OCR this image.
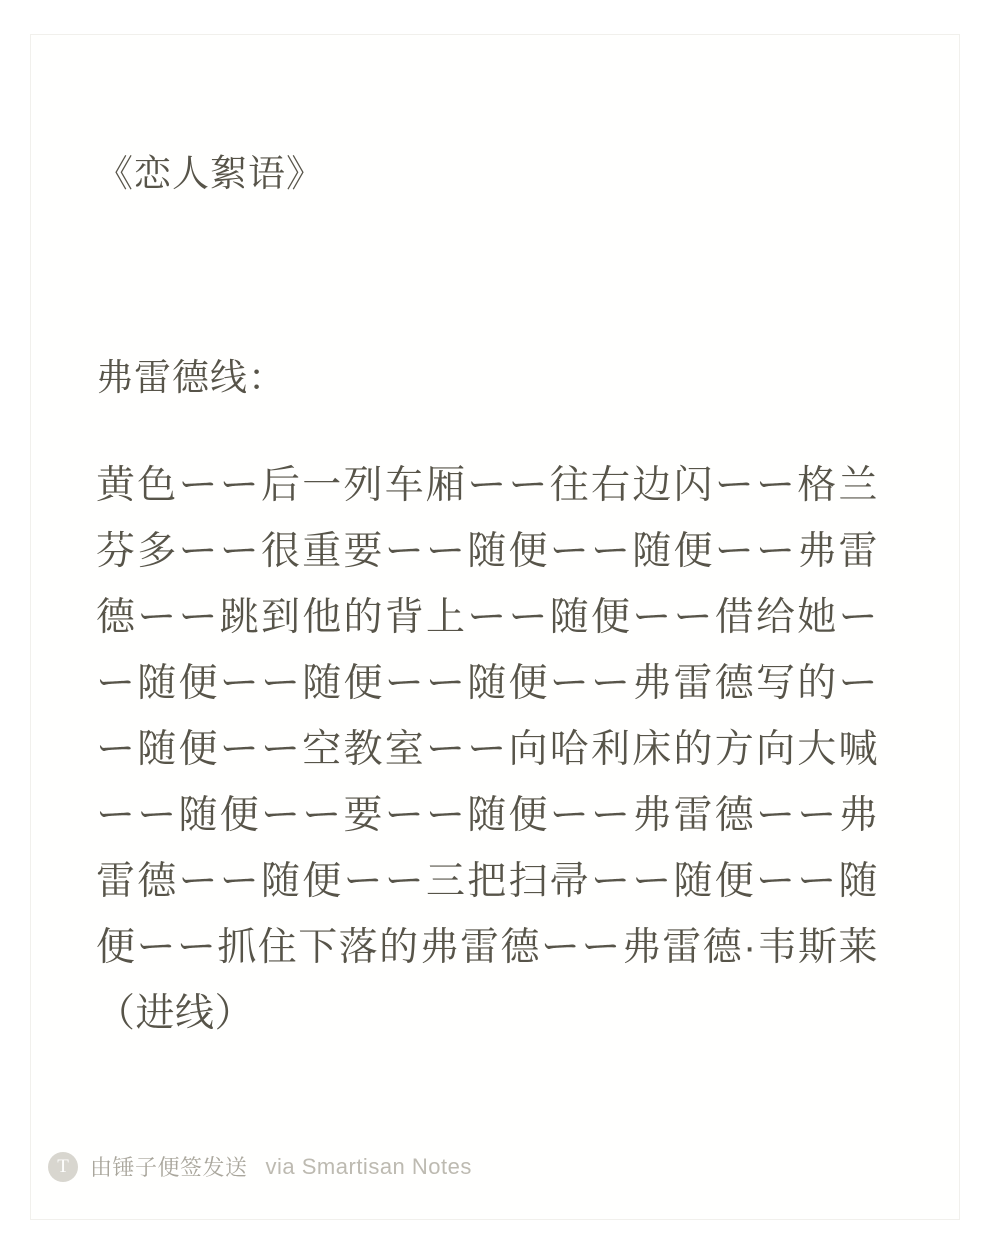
《恋人絮语》
弗雷德线：

黄色ーー后一列车厢ーー往右边闪ーー格兰芬多ーー很重要ーー随便ーー随便ーー弗雷德ーー跳到他的背上ーー随便ーー借给她ーー随便ーー随便ーー随便ーー弗雷德写的ーー随便ーー空教室ーー向哈利床的方向大喊ーー随便ーー要ーー随便ーー弗雷德ーー弗雷德ーー随便ーー三把扫帚ーー随便ーー随便ーー抓住下落的弗雷德ーー弗雷德·韦斯莱（进线）

T 由锤子便签发送 via Smartisan Notes
